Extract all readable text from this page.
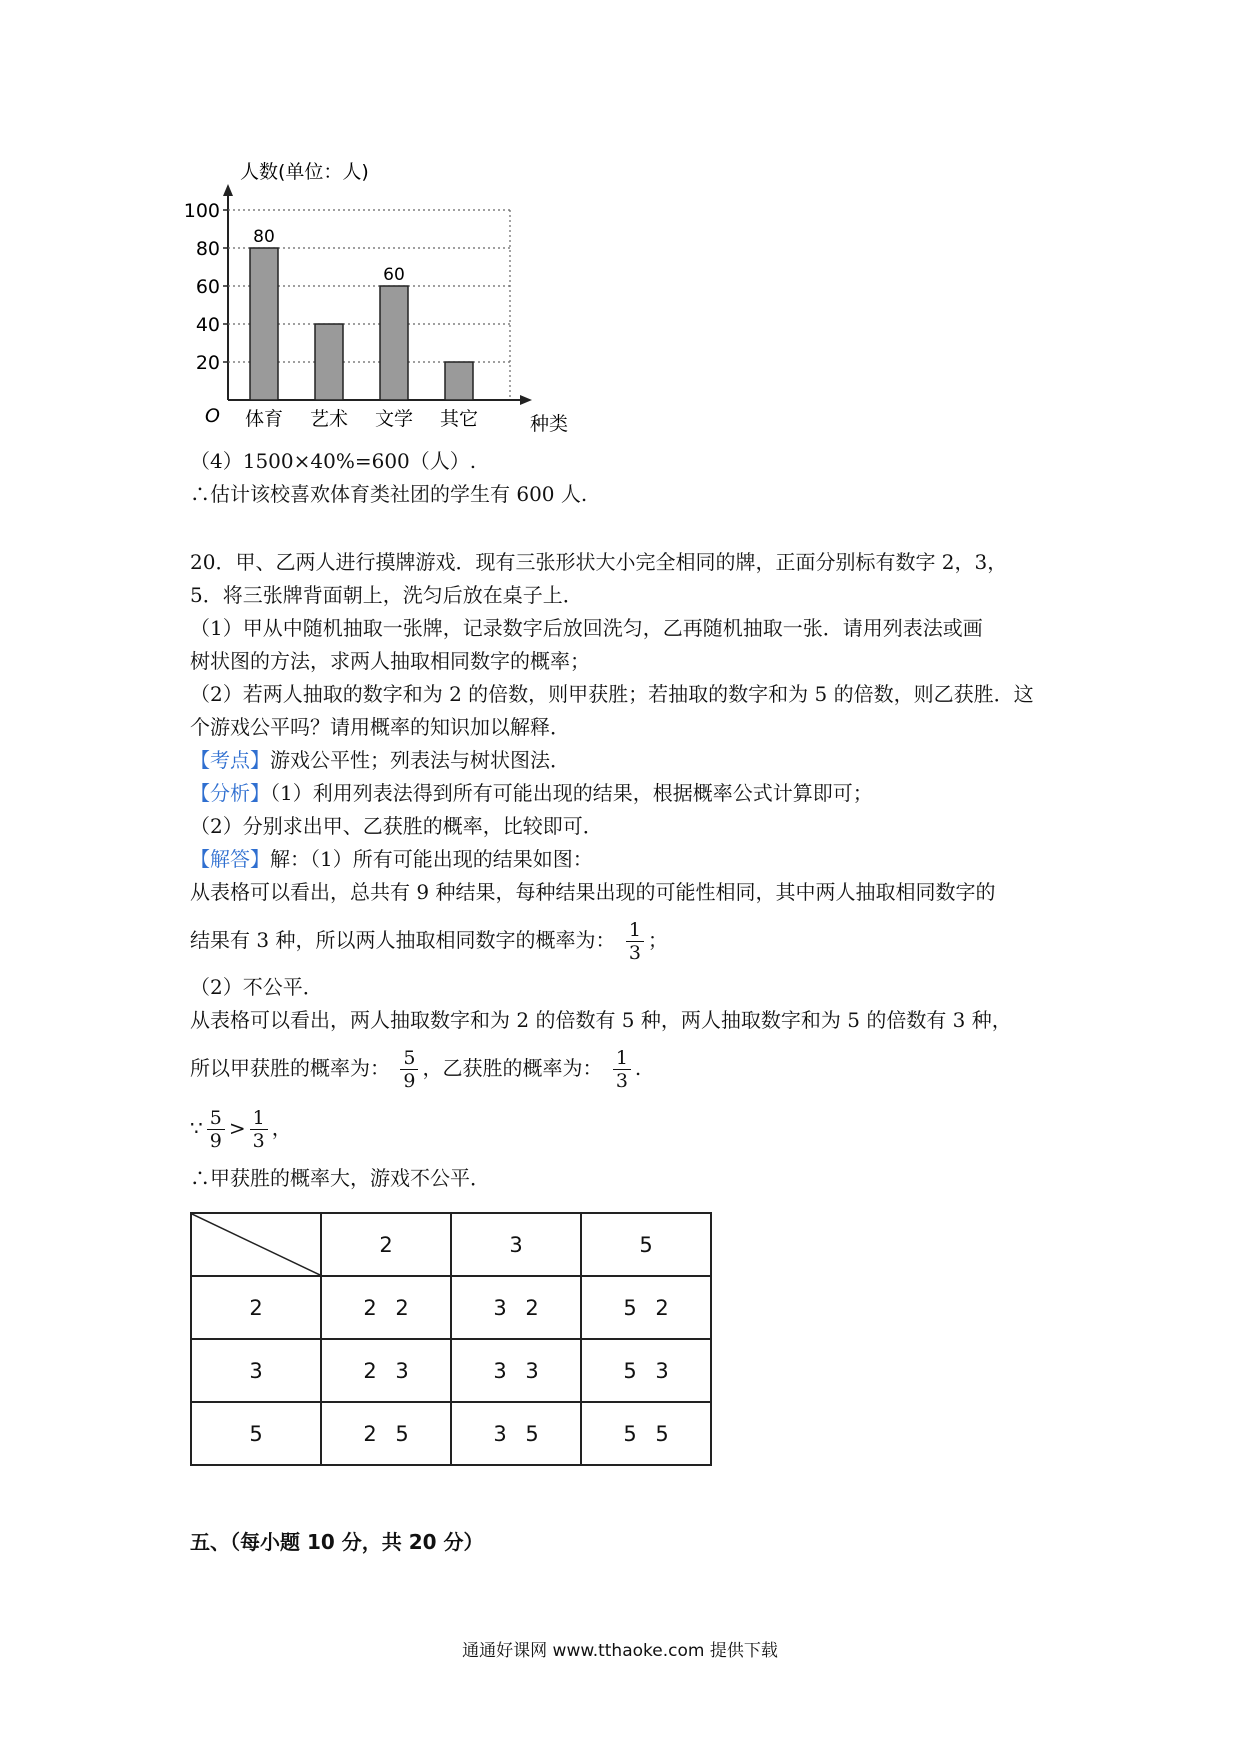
人数(单位：人)
O	种类
20
40
60
80
100
体育 艺术 文学 其它
80
60
（4）1500×40%=600（人）.
∴估计该校喜欢体育类社团的学生有 600 人.
20．甲、乙两人进行摸牌游戏．现有三张形状大小完全相同的牌，正面分别标有数字 2，3，
5．将三张牌背面朝上，洗匀后放在桌子上．
（1）甲从中随机抽取一张牌，记录数字后放回洗匀，乙再随机抽取一张．请用列表法或画
树状图的方法，求两人抽取相同数字的概率；
（2）若两人抽取的数字和为 2 的倍数，则甲获胜；若抽取的数字和为 5 的倍数，则乙获胜．这
个游戏公平吗？请用概率的知识加以解释．
【考点】游戏公平性；列表法与树状图法．
【分析】（1）利用列表法得到所有可能出现的结果，根据概率公式计算即可；
（2）分别求出甲、乙获胜的概率，比较即可．
【解答】解：（1）所有可能出现的结果如图：
从表格可以看出，总共有 9 种结果，每种结果出现的可能性相同，其中两人抽取相同数字的
结果有 3 种，所以两人抽取相同数字的概率为： $\frac{1}{3}$ ；
（2）不公平．
从表格可以看出，两人抽取数字和为 2 的倍数有 5 种，两人抽取数字和为 5 的倍数有 3 种，
所以甲获胜的概率为： $\frac{5}{9}$ ，乙获胜的概率为： $\frac{1}{3}$ .
∵ $\frac{5}{9} > \frac{1}{3}$ ，
∴甲获胜的概率大，游戏不公平．
	2	3	5
2	2 2	3 2	5 2
3	2 3	3 3	5 3
5	2 5	3 5	5 5
五、（每小题 10 分，共 20 分）
通通好课网 www.tthaoke.com 提供下载
